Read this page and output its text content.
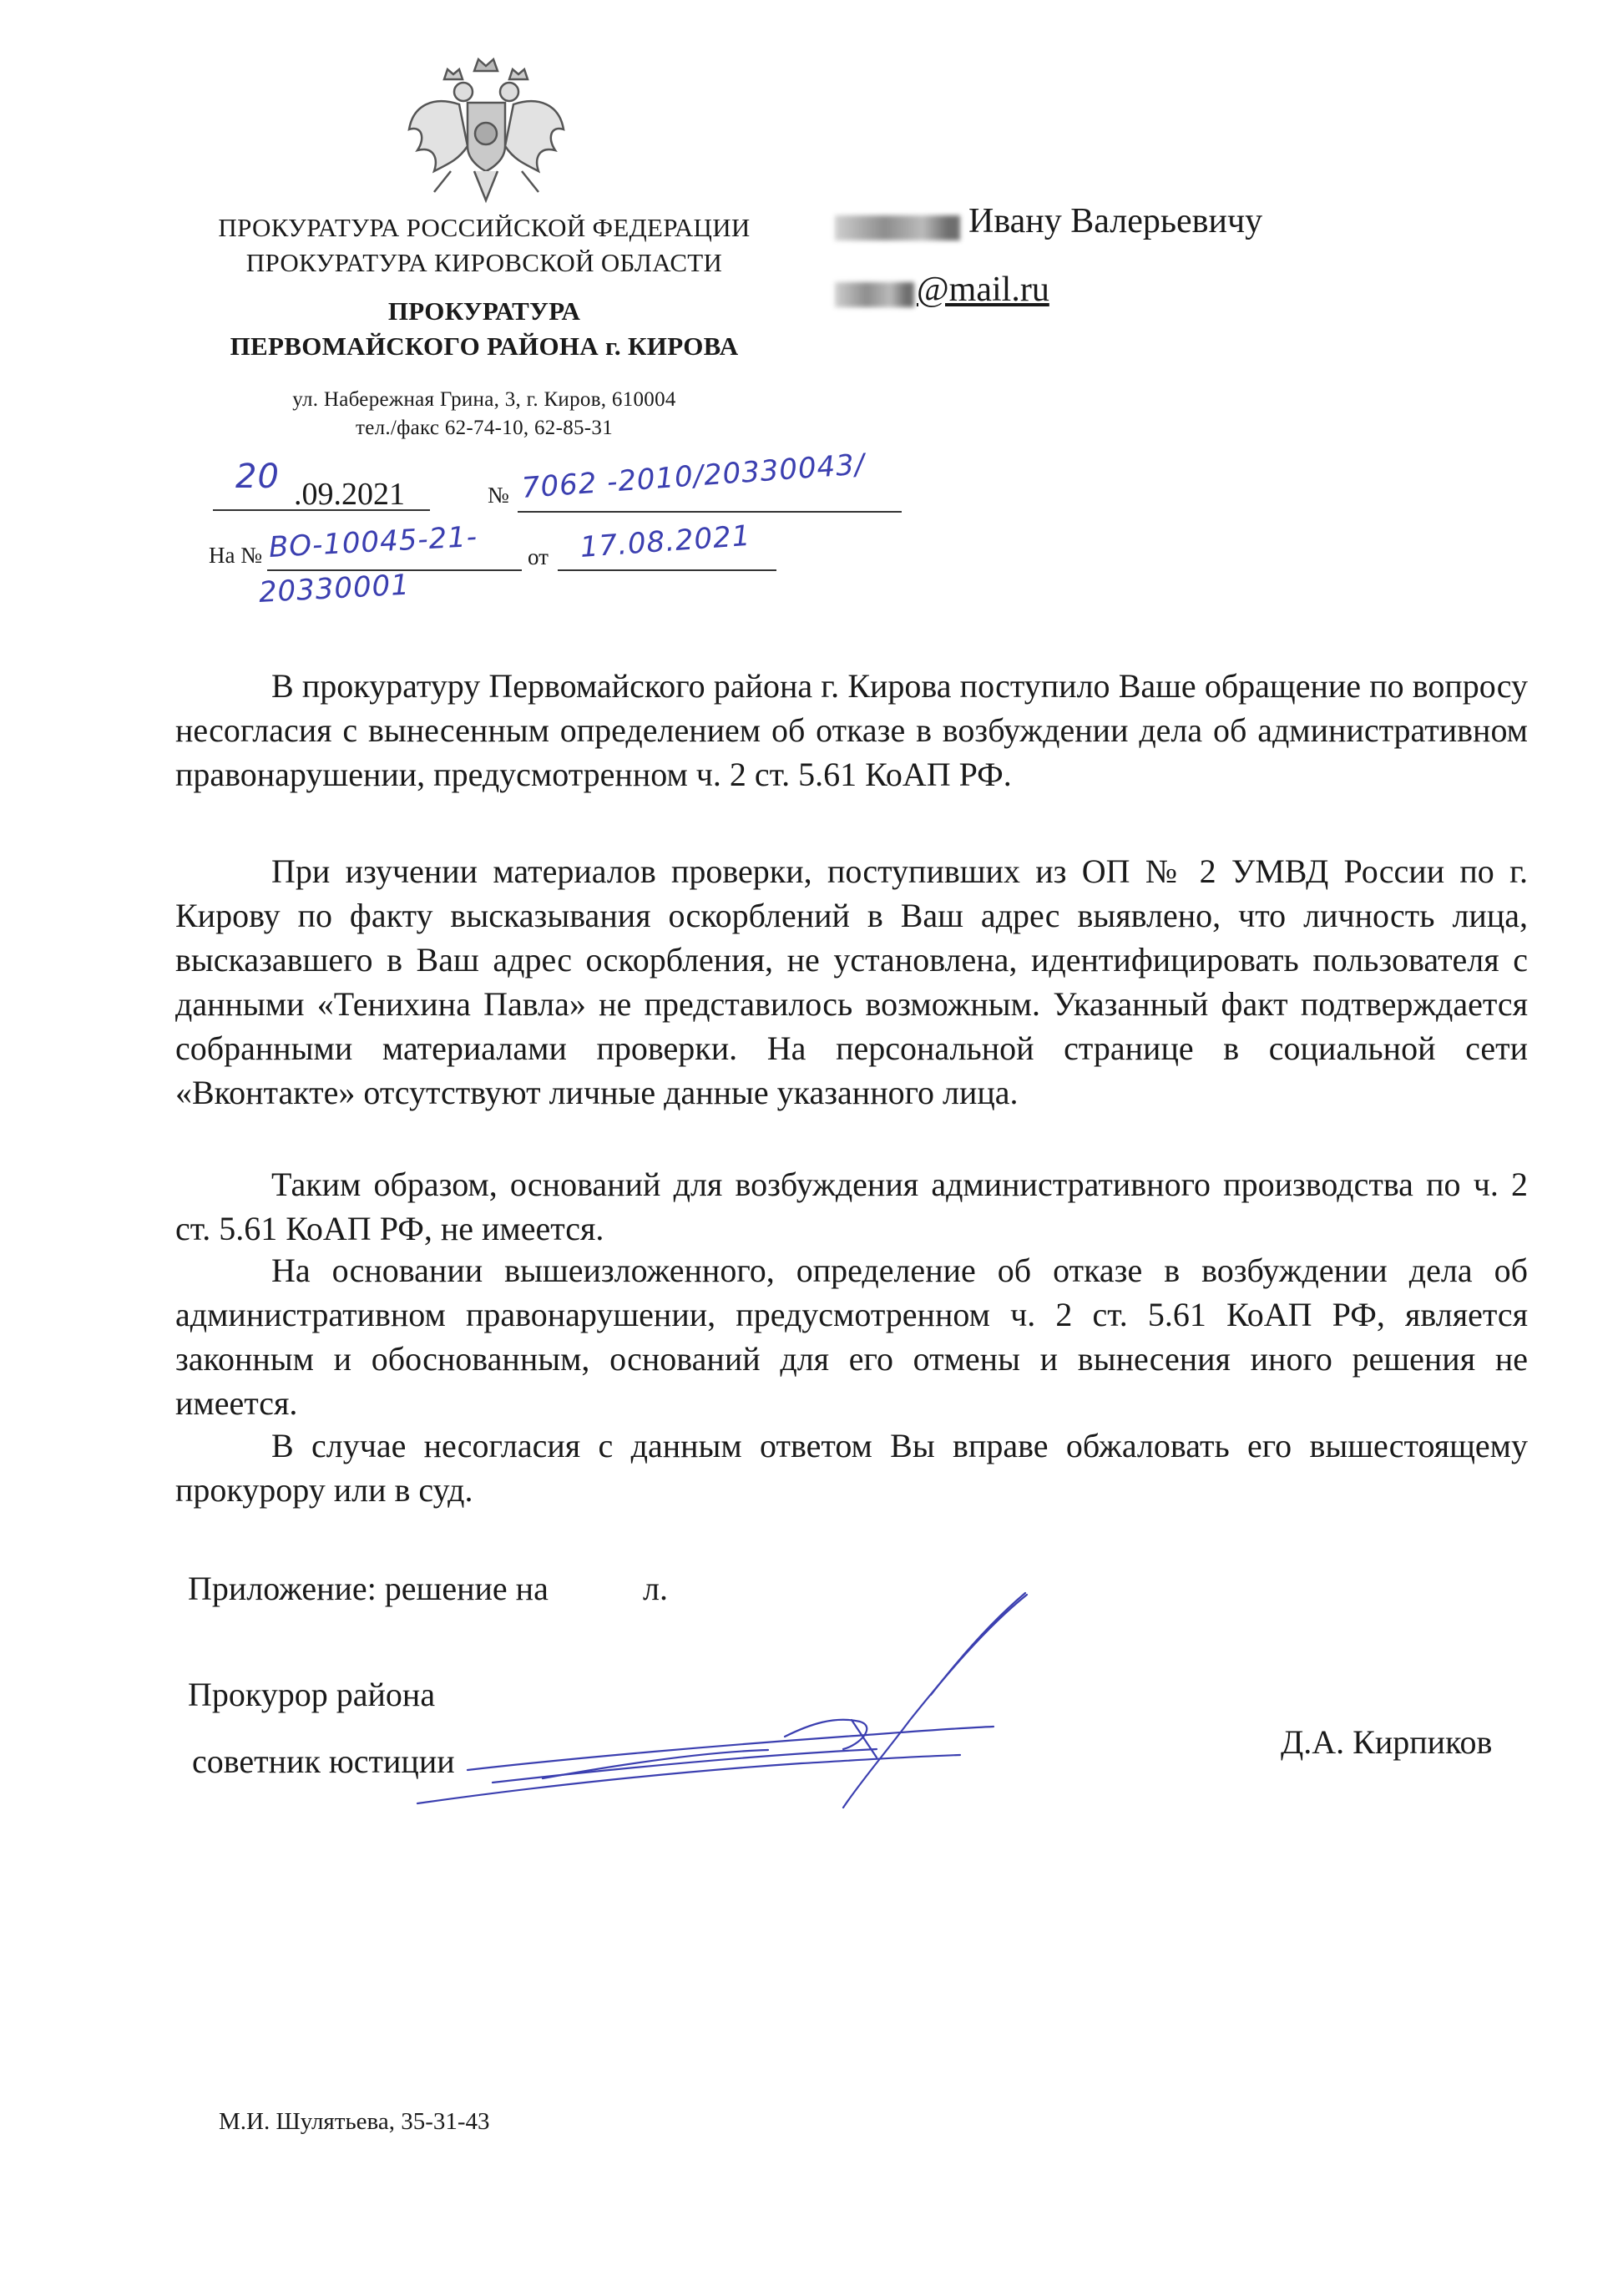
ПРОКУРАТУРА РОССИЙСКОЙ ФЕДЕРАЦИИ
ПРОКУРАТУРА КИРОВСКОЙ ОБЛАСТИ
ПРОКУРАТУРА
ПЕРВОМАЙСКОГО РАЙОНА г. КИРОВА
ул. Набережная Грина, 3, г. Киров, 610004
тел./факс 62-74-10, 62-85-31
Ивану Валерьевичу
@mail.ru
20 .09.2021	№ 7062 -2010/20330043/
На № ВО-10045-21-
20330001
от 17.08.2021
В прокуратуру Первомайского района г. Кирова поступило Ваше обращение по вопросу несогласия с вынесенным определением об отказе в возбуждении дела об административном правонарушении, предусмотренном ч. 2 ст. 5.61 КоАП РФ.
При изучении материалов проверки, поступивших из ОП № 2 УМВД России по г. Кирову по факту высказывания оскорблений в Ваш адрес выявлено, что личность лица, высказавшего в Ваш адрес оскорбления, не установлена, идентифицировать пользователя с данными «Тенихина Павла» не представилось возможным. Указанный факт подтверждается собранными материалами проверки. На персональной странице в социальной сети «Вконтакте» отсутствуют личные данные указанного лица.
Таким образом, оснований для возбуждения административного производства по ч. 2 ст. 5.61 КоАП РФ, не имеется.
На основании вышеизложенного, определение об отказе в возбуждении дела об административном правонарушении, предусмотренном ч. 2 ст. 5.61 КоАП РФ, является законным и обоснованным, оснований для его отмены и вынесения иного решения не имеется.
В случае несогласия с данным ответом Вы вправе обжаловать его вышестоящему прокурору или в суд.
Приложение: решение на	л.
Прокурор района
советник юстиции
Д.А. Кирпиков
М.И. Шулятьева, 35-31-43
